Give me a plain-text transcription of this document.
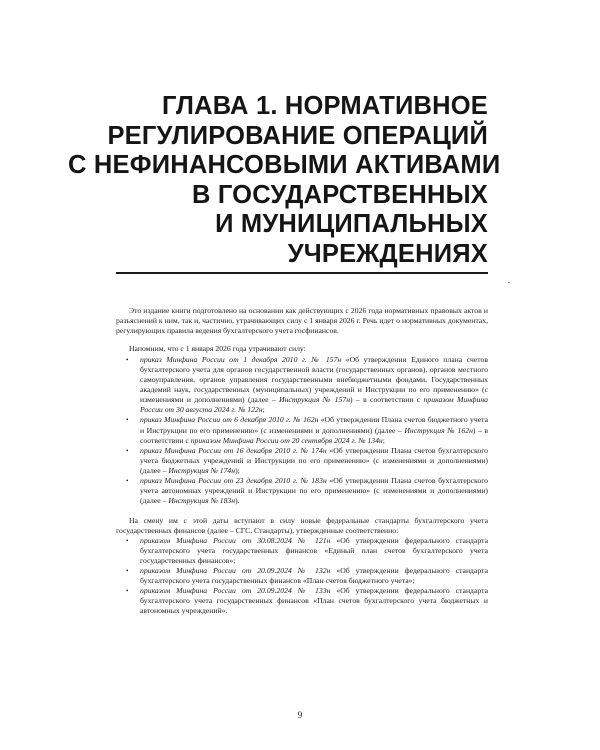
ГЛАВА 1. НОРМАТИВНОЕ
РЕГУЛИРОВАНИЕ ОПЕРАЦИЙ
С НЕФИНАНСОВЫМИ АКТИВАМИ
В ГОСУДАРСТВЕННЫХ
И МУНИЦИПАЛЬНЫХ
УЧРЕЖДЕНИЯХ

Это издание книги подготовлено на основании как действующих с 2026 года нормативных правовых актов и разъяснений к ним, так и, частично, утрачивающих силу с 1 января 2026 г. Речь идет о нормативных документах, регулирующих правила ведения бухгалтерского учета госфинансов.

Напомним, что с 1 января 2026 года утрачивают силу:

• приказ Минфина России от 1 декабря 2010 г. № 157н «Об утверждении Единого плана счетов бухгалтерского учета для органов государственной власти (государственных органов), органов местного самоуправления, органов управления государственными внебюджетными фондами, Государственных академий наук, государственных (муниципальных) учреждений и Инструкции по его применению» (с изменениями и дополнениями) (далее – Инструкция № 157н) – в соответствии с приказом Минфина России от 30 августа 2024 г. № 122н;
• приказ Минфина России от 6 декабря 2010 г. № 162н «Об утверждении Плана счетов бюджетного учета и Инструкции по его применению» (с изменениями и дополнениями) (далее – Инструкция № 162н) – в соответствии с приказом Минфина России от 20 сентября 2024 г. № 134н;
• приказ Минфина России от 16 декабря 2010 г. № 174н «Об утверждении Плана счетов бухгалтерского учета бюджетных учреждений и Инструкции по его применению» (с изменениями и дополнениями) (далее – Инструкция № 174н);
• приказ Минфина России от 23 декабря 2010 г. № 183н «Об утверждении Плана счетов бухгалтерского учета автономных учреждений и Инструкции по его применению» (с изменениями и дополнениями) (далее – Инструкция № 183н).

На смену им с этой даты вступают в силу новые федеральные стандарты бухгалтерского учета государственных финансов (далее – СГС, Стандарты), утвержденные соответственно:

• приказом Минфина России от 30.08.2024 № 121н «Об утверждении федерального стандарта бухгалтерского учета государственных финансов «Единый план счетов бухгалтерского учета государственных финансов»;
• приказом Минфина России от 20.09.2024 № 132н «Об утверждении федерального стандарта бухгалтерского учета государственных финансов «План счетов бюджетного учета»;
• приказом Минфина России от 20.09.2024 № 133н «Об утверждении федерального стандарта бухгалтерского учета государственных финансов «План счетов бухгалтерского учета бюджетных и автономных учреждений».
9
